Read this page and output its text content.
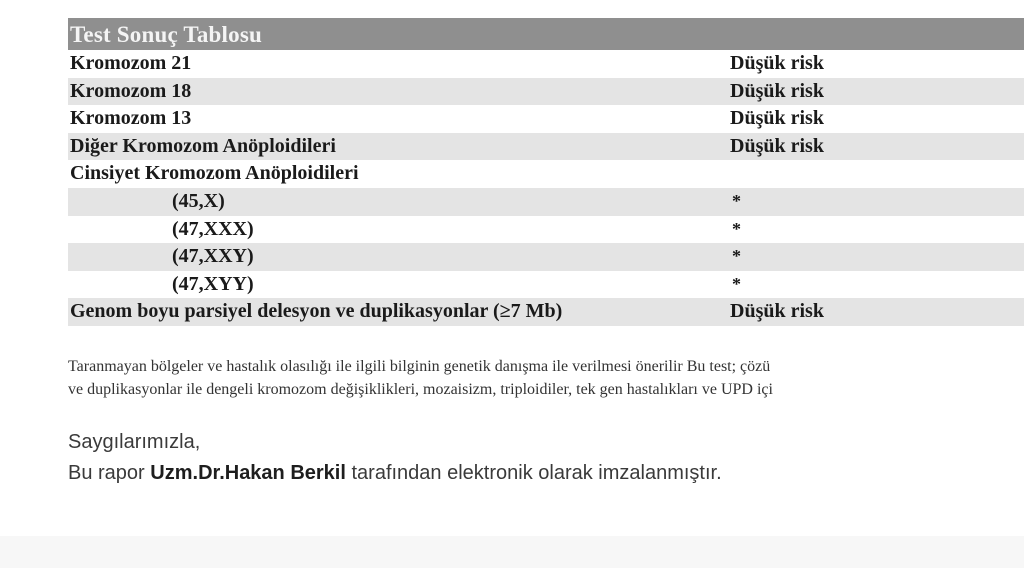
Test Sonuç Tablosu
Kromozom 21	Düşük risk
Kromozom 18	Düşük risk
Kromozom 13	Düşük risk
Diğer Kromozom Anöploidileri	Düşük risk
Cinsiyet Kromozom Anöploidileri
(45,X)	*
(47,XXX)	*
(47,XXY)	*
(47,XYY)	*
Genom boyu parsiyel delesyon ve duplikasyonlar (≥7 Mb)	Düşük risk
Taranmayan bölgeler ve hastalık olasılığı ile ilgili bilginin genetik danışma ile verilmesi önerilir Bu test; çözü
ve duplikasyonlar ile dengeli kromozom değişiklikleri, mozaisizm, triploidiler, tek gen hastalıkları ve UPD içi
Saygılarımızla,
Bu rapor Uzm.Dr.Hakan Berkil tarafından elektronik olarak imzalanmıştır.
